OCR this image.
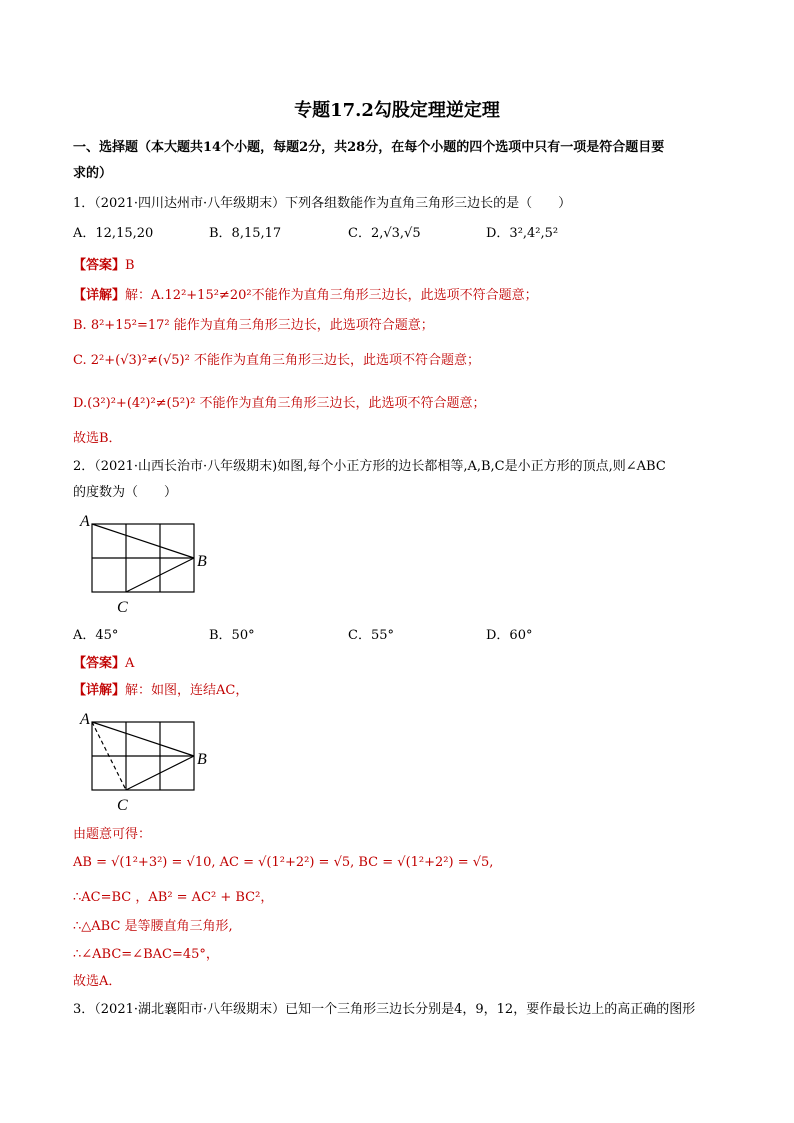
专题17.2勾股定理逆定理
一、选择题（本大题共14个小题，每题2分，共28分，在每个小题的四个选项中只有一项是符合题目要
求的）
1．（2021·四川达州市·八年级期末）下列各组数能作为直角三角形三边长的是（　　）
A．12,15,20	B．8,15,17	C．2,√3,√5	D．3²,4²,5²
【答案】B
【详解】解：A.12²+15²≠20²不能作为直角三角形三边长，此选项不符合题意；
B. 8²+15²=17² 能作为直角三角形三边长，此选项符合题意；
C. 2²+(√3)²≠(√5)² 不能作为直角三角形三边长，此选项不符合题意；
D.(3²)²+(4²)²≠(5²)² 不能作为直角三角形三边长，此选项不符合题意；
故选B．
2．（2021·山西长治市·八年级期末)如图,每个小正方形的边长都相等,A,B,C是小正方形的顶点,则∠ABC
的度数为（　　）
A
B
C
A．45°	B．50°	C．55°	D．60°
【答案】A
【详解】解：如图，连结AC，
A
B
C
由题意可得：
AB = √(1²+3²) = √10, AC = √(1²+2²) = √5, BC = √(1²+2²) = √5,
∴AC=BC ，AB² = AC² + BC²，
∴△ABC 是等腰直角三角形,
∴∠ABC=∠BAC=45°，
故选A．
3．（2021·湖北襄阳市·八年级期末）已知一个三角形三边长分别是4，9，12，要作最长边上的高正确的图形
